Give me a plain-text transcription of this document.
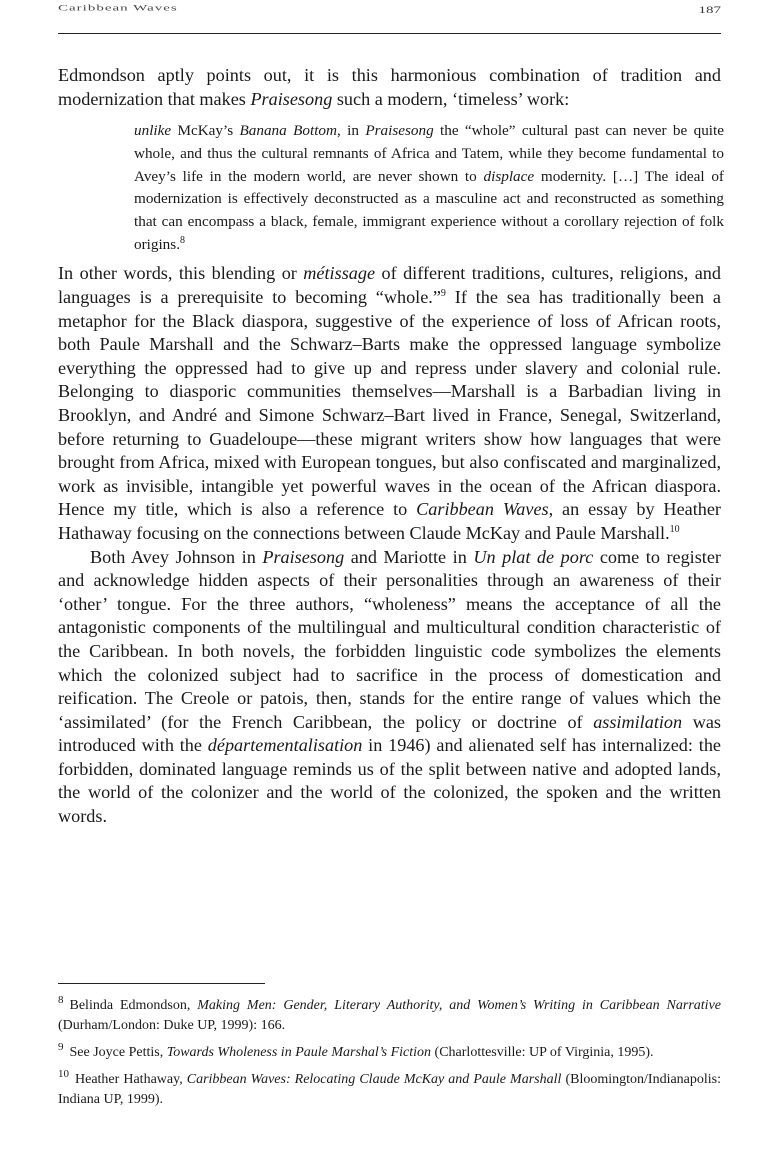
Caribbean Waves	187

Edmondson aptly points out, it is this harmonious combination of tradition and modernization that makes Praisesong such a modern, ‘timeless’ work:

unlike McKay’s Banana Bottom, in Praisesong the “whole” cultural past can never be quite whole, and thus the cultural remnants of Africa and Tatem, while they become fundamental to Avey’s life in the modern world, are never shown to displace modernity. […] The ideal of modernization is effectively deconstructed as a masculine act and reconstructed as something that can encompass a black, female, immigrant experience without a corollary rejection of folk origins.$^8$

In other words, this blending or métissage of different traditions, cultures, religions, and languages is a prerequisite to becoming “whole.”$^9$ If the sea has traditionally been a metaphor for the Black diaspora, suggestive of the experience of loss of African roots, both Paule Marshall and the Schwarz–Barts make the oppressed language symbolize everything the oppressed had to give up and repress under slavery and colonial rule. Belonging to diasporic communities themselves—Marshall is a Barbadian living in Brooklyn, and André and Simone Schwarz–Bart lived in France, Senegal, Switzerland, before returning to Guadeloupe—these migrant writers show how languages that were brought from Africa, mixed with European tongues, but also confiscated and marginalized, work as invisible, intangible yet powerful waves in the ocean of the African diaspora. Hence my title, which is also a reference to Caribbean Waves, an essay by Heather Hathaway focusing on the connections between Claude McKay and Paule Marshall.$^{10}$

Both Avey Johnson in Praisesong and Mariotte in Un plat de porc come to register and acknowledge hidden aspects of their personalities through an awareness of their ‘other’ tongue. For the three authors, “wholeness” means the acceptance of all the antagonistic components of the multilingual and multicultural condition characteristic of the Caribbean. In both novels, the forbidden linguistic code symbolizes the elements which the colonized subject had to sacrifice in the process of domestication and reification. The Creole or patois, then, stands for the entire range of values which the ‘assimilated’ (for the French Caribbean, the policy or doctrine of assimilation was introduced with the départementalisation in 1946) and alienated self has internalized: the forbidden, dominated language reminds us of the split between native and adopted lands, the world of the colonizer and the world of the colonized, the spoken and the written words.

$^8$ Belinda Edmondson, Making Men: Gender, Literary Authority, and Women’s Writing in Caribbean Narrative (Durham/London: Duke UP, 1999): 166.

$^9$ See Joyce Pettis, Towards Wholeness in Paule Marshal’s Fiction (Charlottesville: UP of Virginia, 1995).

$^{10}$ Heather Hathaway, Caribbean Waves: Relocating Claude McKay and Paule Marshall (Bloomington/Indianapolis: Indiana UP, 1999).
